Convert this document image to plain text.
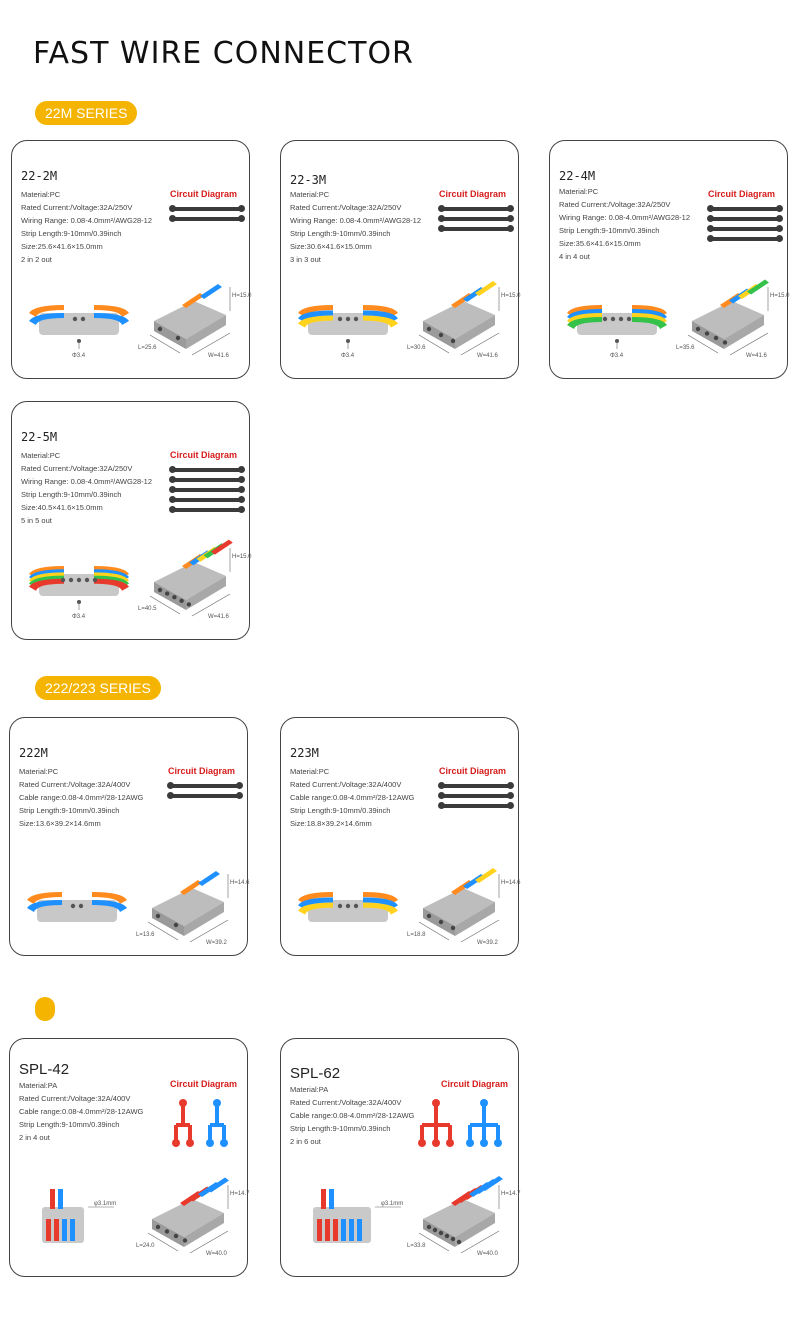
FAST WIRE CONNECTOR
22M SERIES
222/223 SERIES
22-2M
Material:PC
Rated Current:/Voltage:32A/250V
Wiring Range: 0.08-4.0mm²/AWG28-12
Strip Length:9-10mm/0.39inch
Size:25.6×41.6×15.0mm
2 in 2 out
Circuit Diagram
Φ3.4
H=15.0
L=25.6
W=41.6
22-3M
Material:PC
Rated Current:/Voltage:32A/250V
Wiring Range: 0.08-4.0mm²/AWG28-12
Strip Length:9-10mm/0.39inch
Size:30.6×41.6×15.0mm
3 in 3 out
Circuit Diagram
Φ3.4
H=15.0
L=30.6
W=41.6
22-4M
Material:PC
Rated Current:/Voltage:32A/250V
Wiring Range: 0.08-4.0mm²/AWG28-12
Strip Length:9-10mm/0.39inch
Size:35.6×41.6×15.0mm
4 in 4 out
Circuit Diagram
Φ3.4
H=15.0
L=35.6
W=41.6
22-5M
Material:PC
Rated Current:/Voltage:32A/250V
Wiring Range: 0.08-4.0mm²/AWG28-12
Strip Length:9-10mm/0.39inch
Size:40.5×41.6×15.0mm
5 in 5 out
Circuit Diagram
Φ3.4
H=15.0
L=40.5
W=41.6
222M
Material:PC
Rated Current:/Voltage:32A/400V
Cable range:0.08-4.0mm²/28-12AWG
Strip Length:9-10mm/0.39inch
Size:13.6×39.2×14.6mm
Circuit Diagram
H=14.6
L=13.6
W=39.2
223M
Material:PC
Rated Current:/Voltage:32A/400V
Cable range:0.08-4.0mm²/28-12AWG
Strip Length:9-10mm/0.39inch
Size:18.8×39.2×14.6mm
Circuit Diagram
H=14.6
L=18.8
W=39.2
SPL-42
Material:PA
Rated Current:/Voltage:32A/400V
Cable range:0.08-4.0mm²/28-12AWG
Strip Length:9-10mm/0.39inch
2 in 4 out
Circuit Diagram
φ3.1mm
H=14.7
L=24.0
W=40.0
SPL-62
Material:PA
Rated Current:/Voltage:32A/400V
Cable range:0.08-4.0mm²/28-12AWG
Strip Length:9-10mm/0.39inch
2 in 6 out
Circuit Diagram
φ3.1mm
H=14.7
L=33.8
W=40.0
